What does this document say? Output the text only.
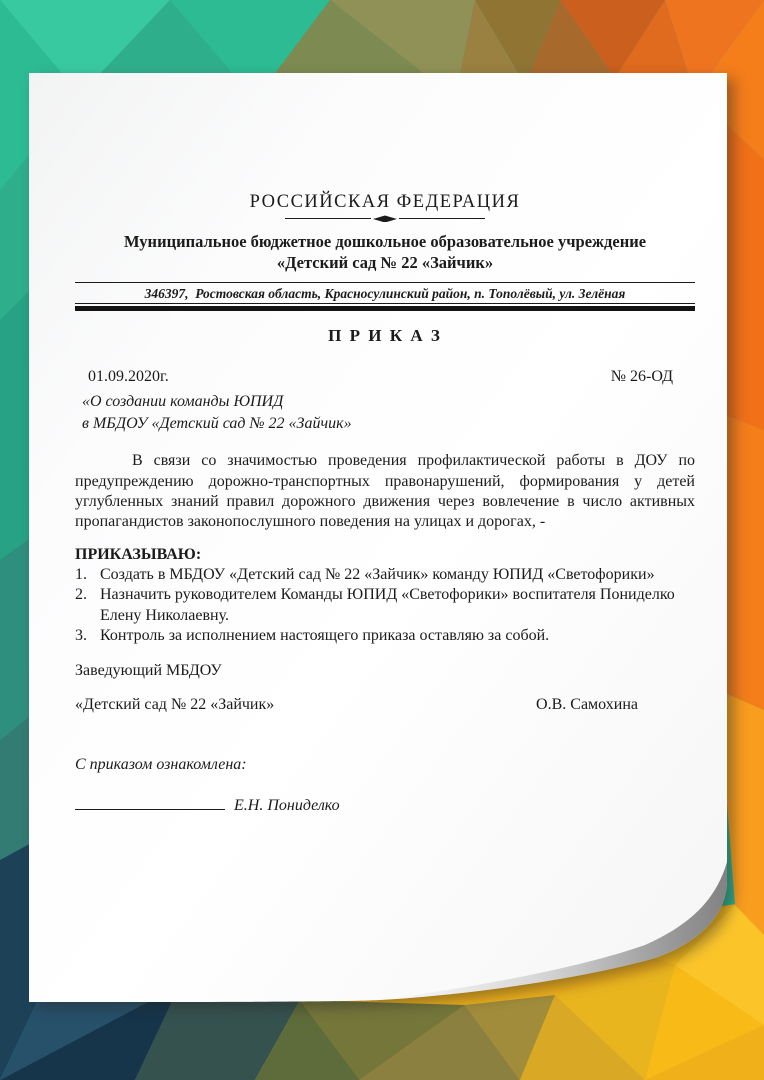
РОССИЙСКАЯ ФЕДЕРАЦИЯ
Муниципальное бюджетное дошкольное образовательное учреждение
«Детский сад № 22 «Зайчик»
346397,  Ростовская область, Красносулинский район, п. Тополёвый, ул. Зелёная
П Р И К А З
01.09.2020г.	№ 26-ОД
«О создании команды ЮПИД
в МБДОУ «Детский сад № 22 «Зайчик»
В связи со значимостью проведения профилактической работы в ДОУ по предупреждению дорожно-транспортных правонарушений, формирования у детей углубленных знаний правил дорожного движения через вовлечение в число активных пропагандистов законопослушного поведения на улицах и дорогах, -
ПРИКАЗЫВАЮ:
1. Создать в МБДОУ «Детский сад № 22 «Зайчик» команду ЮПИД «Светофорики»
2. Назначить руководителем Команды ЮПИД «Светофорики» воспитателя Пониделко Елену Николаевну.
3. Контроль за исполнением настоящего приказа оставляю за собой.
Заведующий МБДОУ
«Детский сад № 22 «Зайчик»	О.В. Самохина
С приказом ознакомлена:
Е.Н. Пониделко
